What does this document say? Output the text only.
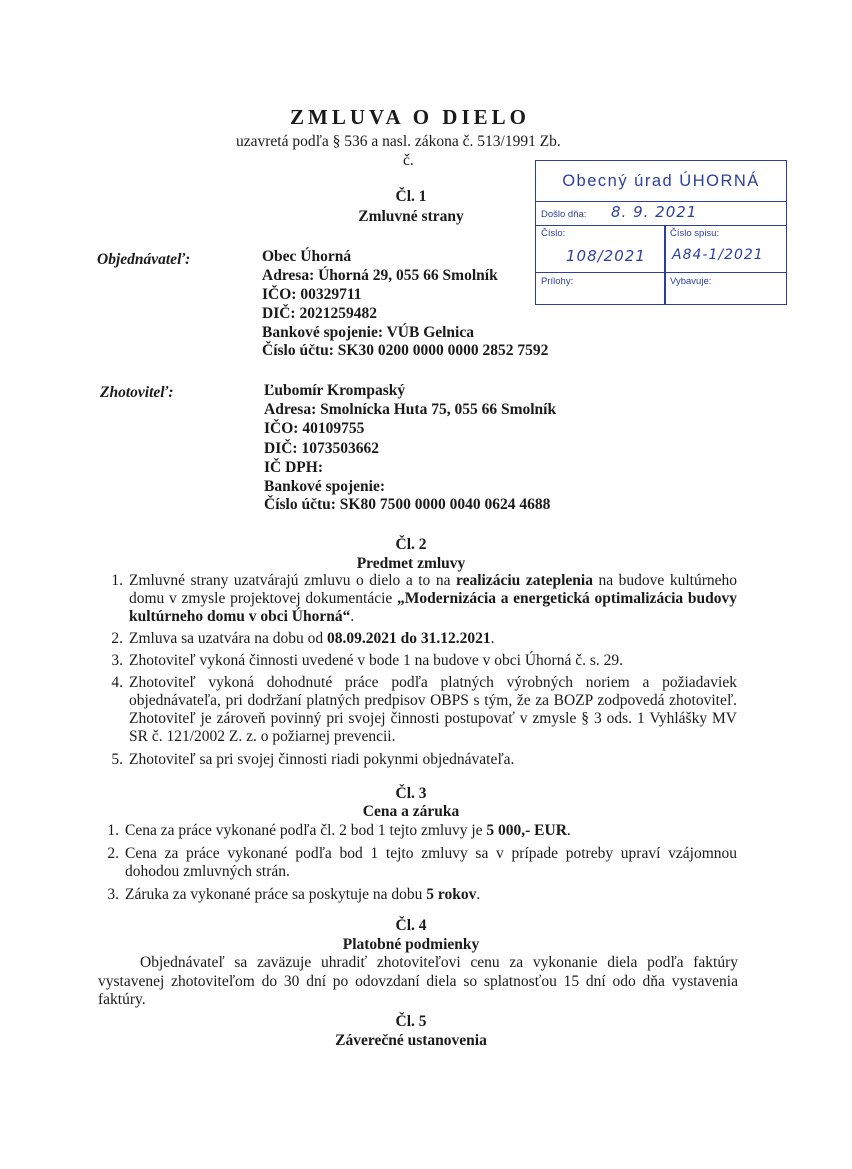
ZMLUVA O DIELO
uzavretá podľa § 536 a nasl. zákona č. 513/1991 Zb.
č.
Obecný úrad ÚHORNÁ
Došlo dňa: 8. 9. 2021
Číslo:
108/2021
Číslo spisu:
A84-1/2021
Prílohy:	Vybavuje:
Čl. 1
Zmluvné strany
Objednávateľ:	Obec Úhorná
Adresa: Úhorná 29, 055 66 Smolník
IČO: 00329711
DIČ: 2021259482
Bankové spojenie: VÚB Gelnica
Číslo účtu: SK30 0200 0000 0000 2852 7592
Zhotoviteľ:	Ľubomír Krompaský
Adresa: Smolnícka Huta 75, 055 66 Smolník
IČO: 40109755
DIČ: 1073503662
IČ DPH:
Bankové spojenie:
Číslo účtu: SK80 7500 0000 0040 0624 4688
Čl. 2
Predmet zmluvy
1. Zmluvné strany uzatvárajú zmluvu o dielo a to na realizáciu zateplenia na budove kultúrneho domu v zmysle projektovej dokumentácie „Modernizácia a energetická optimalizácia budovy kultúrneho domu v obci Úhorná“.
2. Zmluva sa uzatvára na dobu od 08.09.2021 do 31.12.2021.
3. Zhotoviteľ vykoná činnosti uvedené v bode 1 na budove v obci Úhorná č. s. 29.
4. Zhotoviteľ vykoná dohodnuté práce podľa platných výrobných noriem a požiadaviek objednávateľa, pri dodržaní platných predpisov OBPS s tým, že za BOZP zodpovedá zhotoviteľ. Zhotoviteľ je zároveň povinný pri svojej činnosti postupovať v zmysle § 3 ods. 1 Vyhlášky MV SR č. 121/2002 Z. z. o požiarnej prevencii.
5. Zhotoviteľ sa pri svojej činnosti riadi pokynmi objednávateľa.
Čl. 3
Cena a záruka
1. Cena za práce vykonané podľa čl. 2 bod 1 tejto zmluvy je 5 000,- EUR.
2. Cena za práce vykonané podľa bod 1 tejto zmluvy sa v prípade potreby upraví vzájomnou dohodou zmluvných strán.
3. Záruka za vykonané práce sa poskytuje na dobu 5 rokov.
Čl. 4
Platobné podmienky
Objednávateľ sa zaväzuje uhradiť zhotoviteľovi cenu za vykonanie diela podľa faktúry vystavenej zhotoviteľom do 30 dní po odovzdaní diela so splatnosťou 15 dní odo dňa vystavenia faktúry.
Čl. 5
Záverečné ustanovenia
